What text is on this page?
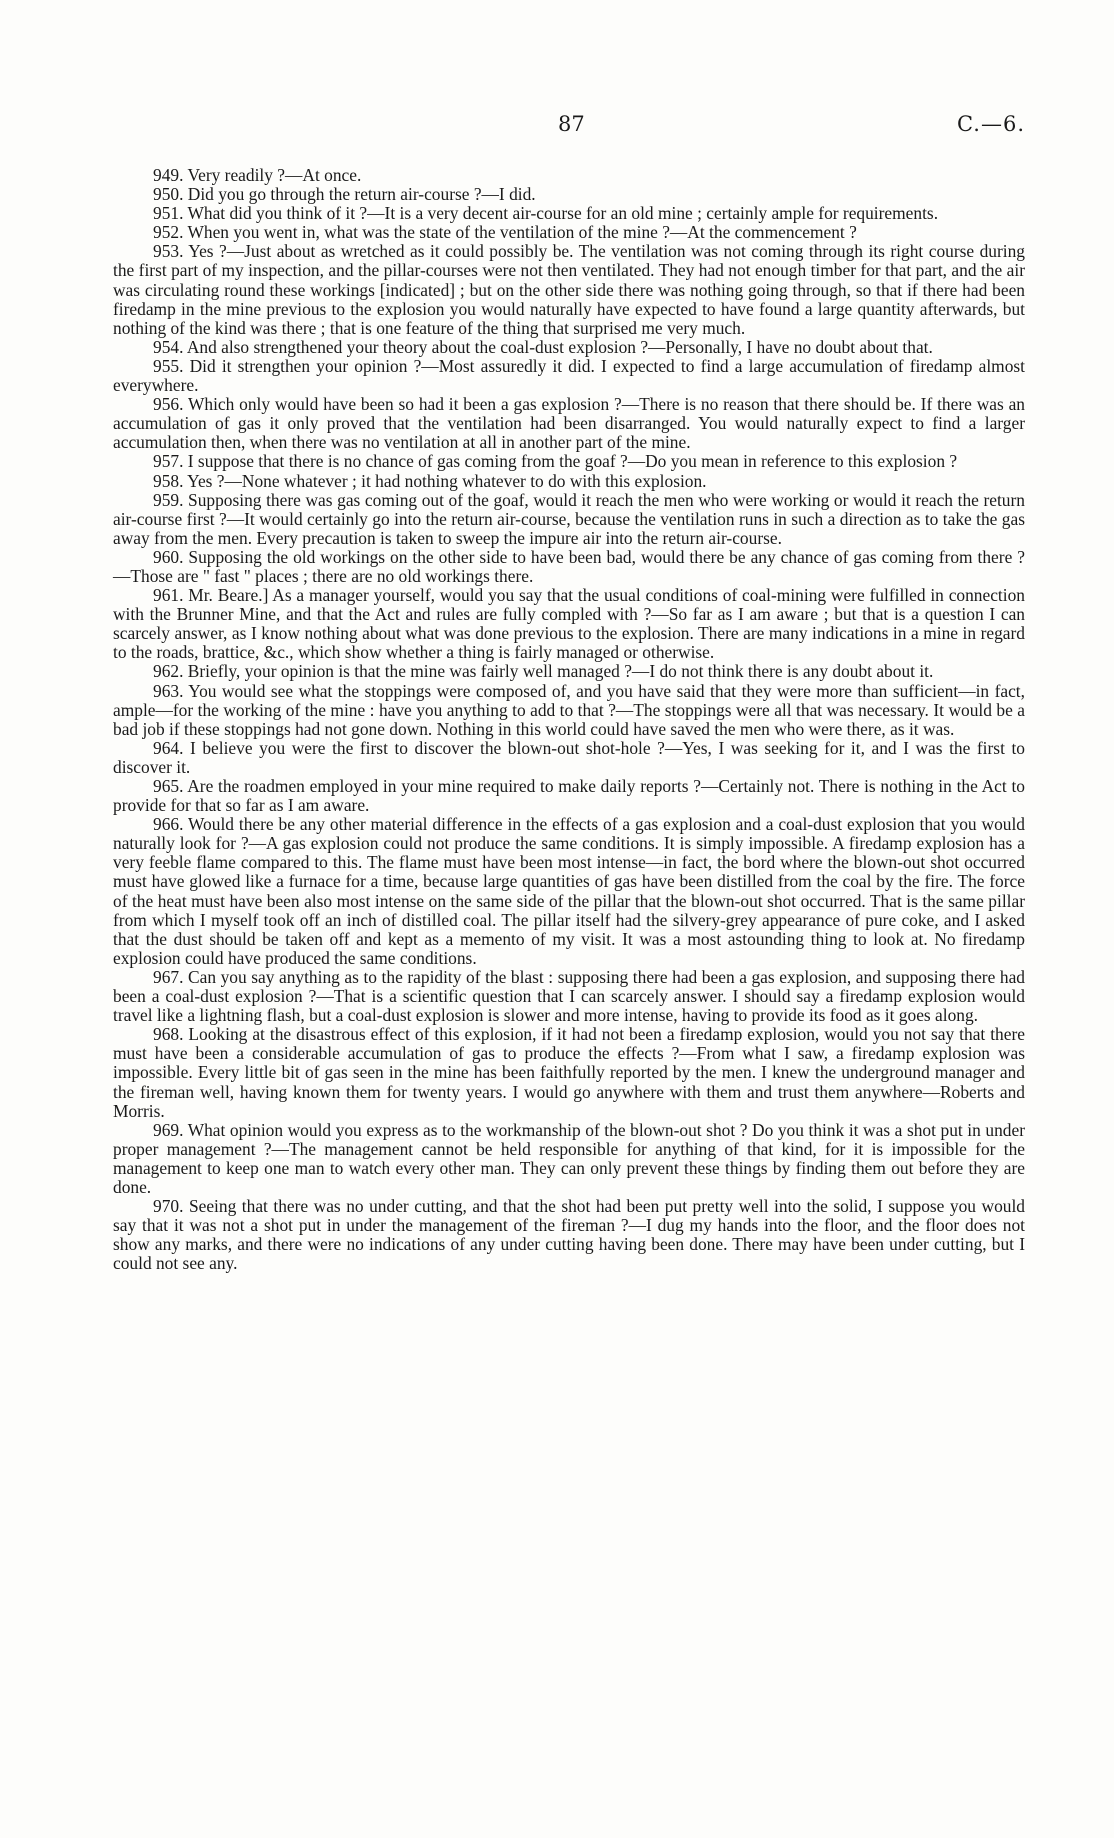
87	C.—6.

949. Very readily ?—At once.

950. Did you go through the return air-course ?—I did.

951. What did you think of it ?—It is a very decent air-course for an old mine ; certainly ample for requirements.

952. When you went in, what was the state of the ventilation of the mine ?—At the commencement ?

953. Yes ?—Just about as wretched as it could possibly be. The ventilation was not coming through its right course during the first part of my inspection, and the pillar-courses were not then ventilated. They had not enough timber for that part, and the air was circulating round these workings [indicated] ; but on the other side there was nothing going through, so that if there had been firedamp in the mine previous to the explosion you would naturally have expected to have found a large quantity afterwards, but nothing of the kind was there ; that is one feature of the thing that surprised me very much.

954. And also strengthened your theory about the coal-dust explosion ?—Personally, I have no doubt about that.

955. Did it strengthen your opinion ?—Most assuredly it did. I expected to find a large accumulation of firedamp almost everywhere.

956. Which only would have been so had it been a gas explosion ?—There is no reason that there should be. If there was an accumulation of gas it only proved that the ventilation had been disarranged. You would naturally expect to find a larger accumulation then, when there was no ventilation at all in another part of the mine.

957. I suppose that there is no chance of gas coming from the goaf ?—Do you mean in reference to this explosion ?

958. Yes ?—None whatever ; it had nothing whatever to do with this explosion.

959. Supposing there was gas coming out of the goaf, would it reach the men who were working or would it reach the return air-course first ?—It would certainly go into the return air-course, because the ventilation runs in such a direction as to take the gas away from the men. Every precaution is taken to sweep the impure air into the return air-course.

960. Supposing the old workings on the other side to have been bad, would there be any chance of gas coming from there ?—Those are " fast " places ; there are no old workings there.

961. Mr. Beare.] As a manager yourself, would you say that the usual conditions of coal-mining were fulfilled in connection with the Brunner Mine, and that the Act and rules are fully compled with ?—So far as I am aware ; but that is a question I can scarcely answer, as I know nothing about what was done previous to the explosion. There are many indications in a mine in regard to the roads, brattice, &c., which show whether a thing is fairly managed or otherwise.

962. Briefly, your opinion is that the mine was fairly well managed ?—I do not think there is any doubt about it.

963. You would see what the stoppings were composed of, and you have said that they were more than sufficient—in fact, ample—for the working of the mine : have you anything to add to that ?—The stoppings were all that was necessary. It would be a bad job if these stoppings had not gone down. Nothing in this world could have saved the men who were there, as it was.

964. I believe you were the first to discover the blown-out shot-hole ?—Yes, I was seeking for it, and I was the first to discover it.

965. Are the roadmen employed in your mine required to make daily reports ?—Certainly not. There is nothing in the Act to provide for that so far as I am aware.

966. Would there be any other material difference in the effects of a gas explosion and a coal-dust explosion that you would naturally look for ?—A gas explosion could not produce the same conditions. It is simply impossible. A firedamp explosion has a very feeble flame compared to this. The flame must have been most intense—in fact, the bord where the blown-out shot occurred must have glowed like a furnace for a time, because large quantities of gas have been distilled from the coal by the fire. The force of the heat must have been also most intense on the same side of the pillar that the blown-out shot occurred. That is the same pillar from which I myself took off an inch of distilled coal. The pillar itself had the silvery-grey appearance of pure coke, and I asked that the dust should be taken off and kept as a memento of my visit. It was a most astounding thing to look at. No firedamp explosion could have produced the same conditions.

967. Can you say anything as to the rapidity of the blast : supposing there had been a gas explosion, and supposing there had been a coal-dust explosion ?—That is a scientific question that I can scarcely answer. I should say a firedamp explosion would travel like a lightning flash, but a coal-dust explosion is slower and more intense, having to provide its food as it goes along.

968. Looking at the disastrous effect of this explosion, if it had not been a firedamp explosion, would you not say that there must have been a considerable accumulation of gas to produce the effects ?—From what I saw, a firedamp explosion was impossible. Every little bit of gas seen in the mine has been faithfully reported by the men. I knew the underground manager and the fireman well, having known them for twenty years. I would go anywhere with them and trust them anywhere—Roberts and Morris.

969. What opinion would you express as to the workmanship of the blown-out shot ? Do you think it was a shot put in under proper management ?—The management cannot be held responsible for anything of that kind, for it is impossible for the management to keep one man to watch every other man. They can only prevent these things by finding them out before they are done.

970. Seeing that there was no under cutting, and that the shot had been put pretty well into the solid, I suppose you would say that it was not a shot put in under the management of the fireman ?—I dug my hands into the floor, and the floor does not show any marks, and there were no indications of any under cutting having been done. There may have been under cutting, but I could not see any.
